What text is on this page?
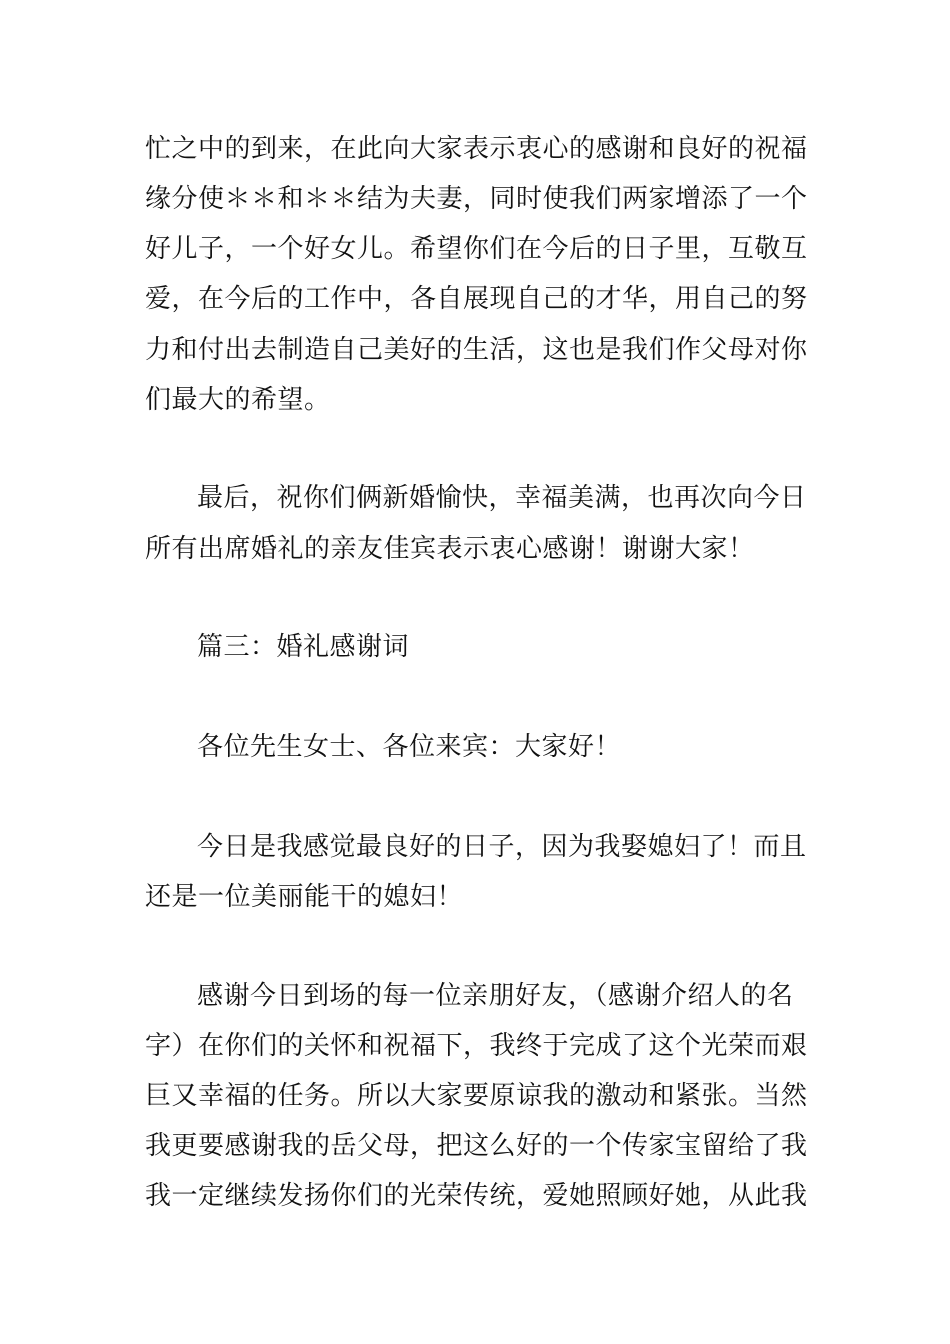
忙之中的到来，在此向大家表示衷心的感谢和良好的祝福
缘分使＊＊和＊＊结为夫妻，同时使我们两家增添了一个
好儿子，一个好女儿。希望你们在今后的日子里，互敬互
爱，在今后的工作中，各自展现自己的才华，用自己的努
力和付出去制造自己美好的生活，这也是我们作父母对你
们最大的希望。
最后，祝你们俩新婚愉快，幸福美满，也再次向今日
所有出席婚礼的亲友佳宾表示衷心感谢！谢谢大家！
篇三：婚礼感谢词
各位先生女士、各位来宾：大家好！
今日是我感觉最良好的日子，因为我娶媳妇了！而且
还是一位美丽能干的媳妇！
感谢今日到场的每一位亲朋好友，（感谢介绍人的名
字）在你们的关怀和祝福下，我终于完成了这个光荣而艰
巨又幸福的任务。所以大家要原谅我的激动和紧张。当然
我更要感谢我的岳父母，把这么好的一个传家宝留给了我
我一定继续发扬你们的光荣传统，爱她照顾好她，从此我
